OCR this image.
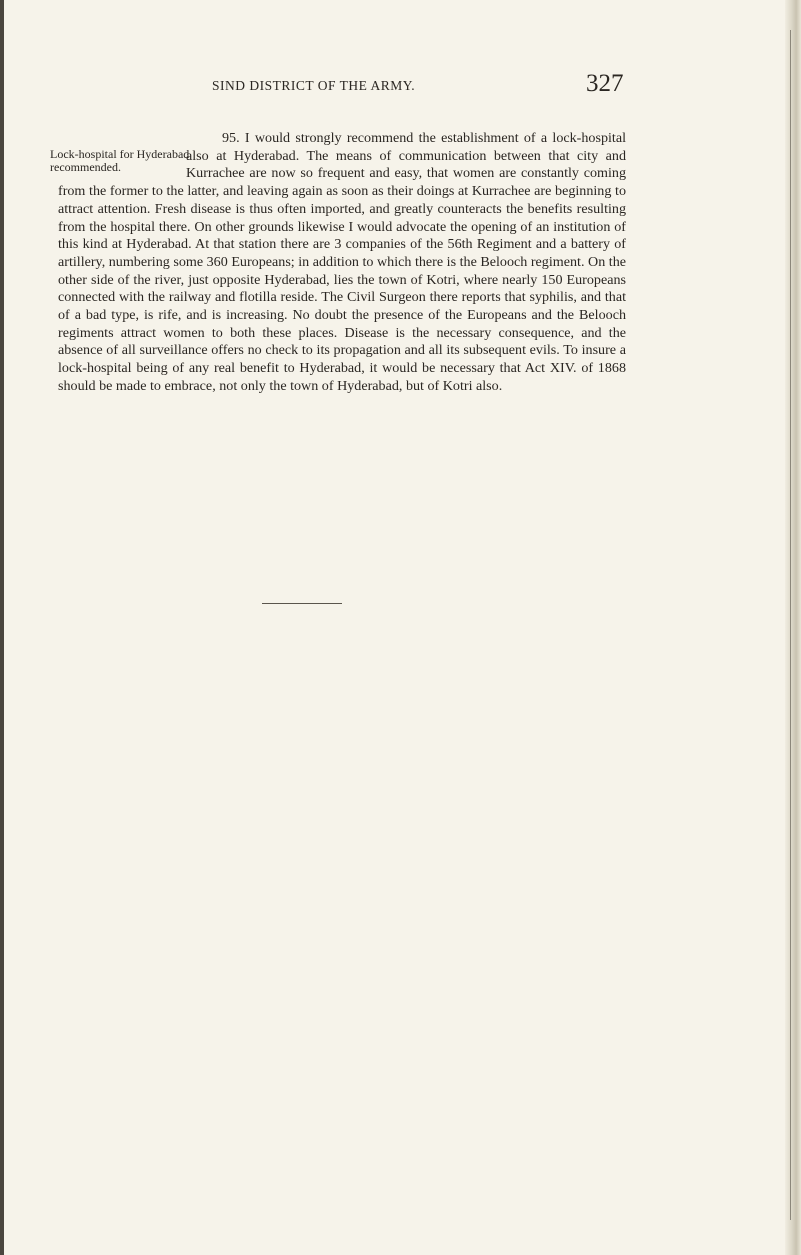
SIND DISTRICT OF THE ARMY.	327
Lock-hospital for Hyderabad recommended.

95. I would strongly recommend the establishment of a lock-hospital also at Hyderabad. The means of communication between that city and Kurrachee are now so frequent and easy, that women are constantly coming from the former to the latter, and leaving again as soon as their doings at Kurrachee are beginning to attract attention. Fresh disease is thus often imported, and greatly counteracts the benefits resulting from the hospital there. On other grounds likewise I would advocate the opening of an institution of this kind at Hyderabad. At that station there are 3 companies of the 56th Regiment and a battery of artillery, numbering some 360 Europeans; in addition to which there is the Belooch regiment. On the other side of the river, just opposite Hyderabad, lies the town of Kotri, where nearly 150 Europeans connected with the railway and flotilla reside. The Civil Surgeon there reports that syphilis, and that of a bad type, is rife, and is increasing. No doubt the presence of the Europeans and the Belooch regiments attract women to both these places. Disease is the necessary consequence, and the absence of all surveillance offers no check to its propagation and all its subsequent evils. To insure a lock-hospital being of any real benefit to Hyderabad, it would be necessary that Act XIV. of 1868 should be made to embrace, not only the town of Hyderabad, but of Kotri also.
